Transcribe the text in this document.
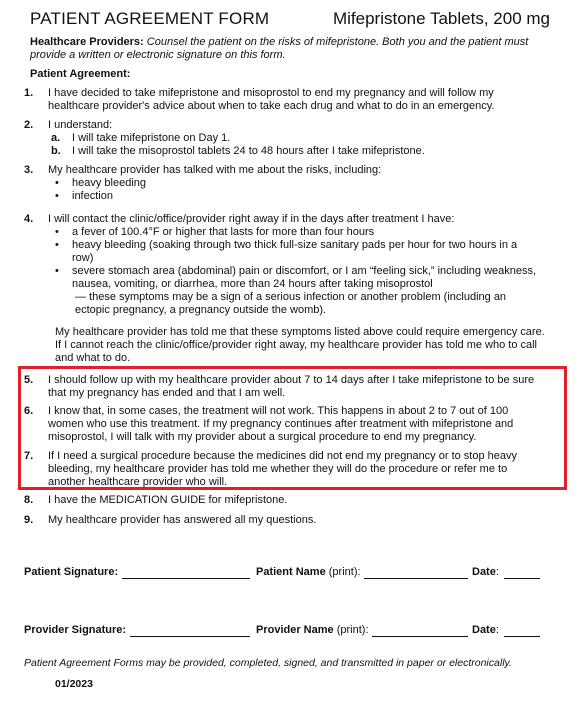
PATIENT AGREEMENT FORM	Mifepristone Tablets, 200 mg
Healthcare Providers: Counsel the patient on the risks of mifepristone. Both you and the patient must provide a written or electronic signature on this form.
Patient Agreement:
1. I have decided to take mifepristone and misoprostol to end my pregnancy and will follow my healthcare provider's advice about when to take each drug and what to do in an emergency.
2. I understand:
a. I will take mifepristone on Day 1.
b. I will take the misoprostol tablets 24 to 48 hours after I take mifepristone.
3. My healthcare provider has talked with me about the risks, including:
• heavy bleeding
• infection
4. I will contact the clinic/office/provider right away if in the days after treatment I have:
• a fever of 100.4°F or higher that lasts for more than four hours
• heavy bleeding (soaking through two thick full-size sanitary pads per hour for two hours in a row)
• severe stomach area (abdominal) pain or discomfort, or I am “feeling sick,” including weakness, nausea, vomiting, or diarrhea, more than 24 hours after taking misoprostol
— these symptoms may be a sign of a serious infection or another problem (including an ectopic pregnancy, a pregnancy outside the womb).
My healthcare provider has told me that these symptoms listed above could require emergency care. If I cannot reach the clinic/office/provider right away, my healthcare provider has told me who to call and what to do.
5. I should follow up with my healthcare provider about 7 to 14 days after I take mifepristone to be sure that my pregnancy has ended and that I am well.
6. I know that, in some cases, the treatment will not work. This happens in about 2 to 7 out of 100 women who use this treatment. If my pregnancy continues after treatment with mifepristone and misoprostol, I will talk with my provider about a surgical procedure to end my pregnancy.
7. If I need a surgical procedure because the medicines did not end my pregnancy or to stop heavy bleeding, my healthcare provider has told me whether they will do the procedure or refer me to another healthcare provider who will.
8. I have the MEDICATION GUIDE for mifepristone.
9. My healthcare provider has answered all my questions.
Patient Signature:	Patient Name (print):	Date:
Provider Signature:	Provider Name (print):	Date:
Patient Agreement Forms may be provided, completed, signed, and transmitted in paper or electronically.
01/2023
